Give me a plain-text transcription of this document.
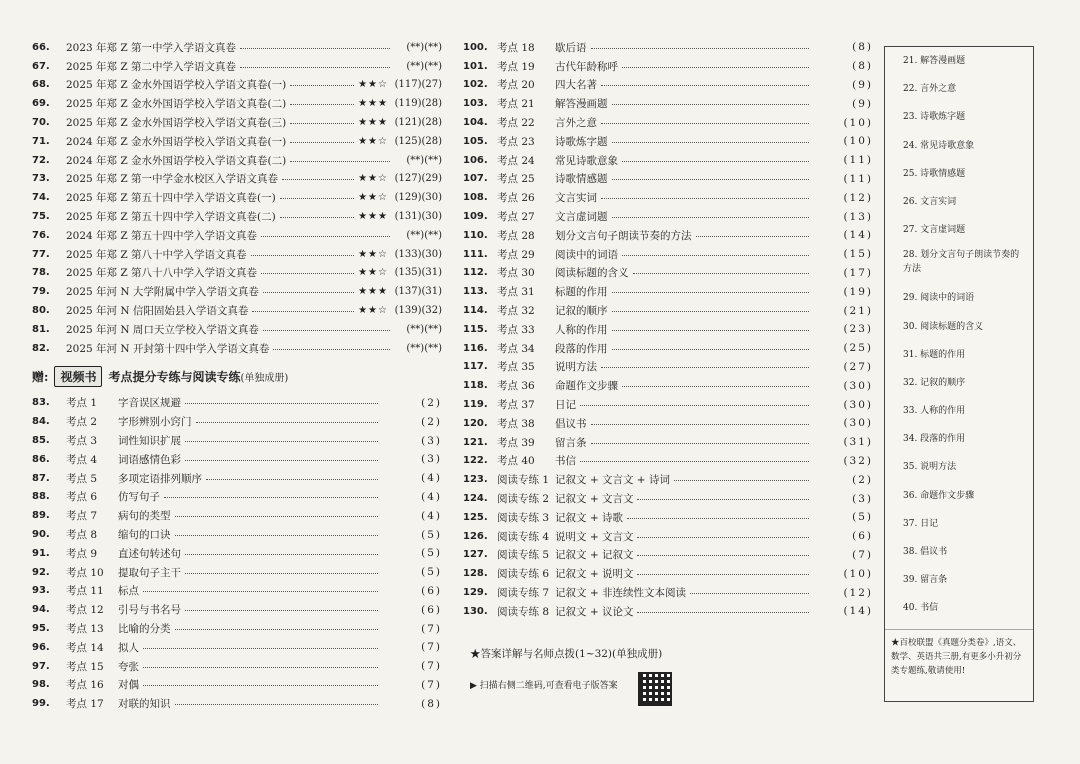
66.	2023 年郑 Z 第一中学入学语文真卷	(**)(**)
67.	2025 年郑 Z 第二中学入学语文真卷	(**)(**)
68.	2025 年郑 Z 金水外国语学校入学语文真卷(一)	★★☆ (117)(27)
69.	2025 年郑 Z 金水外国语学校入学语文真卷(二)	★★★ (119)(28)
70.	2025 年郑 Z 金水外国语学校入学语文真卷(三)	★★★ (121)(28)
71.	2024 年郑 Z 金水外国语学校入学语文真卷(一)	★★☆ (125)(28)
72.	2024 年郑 Z 金水外国语学校入学语文真卷(二)	(**)(**)
73.	2025 年郑 Z 第一中学金水校区入学语文真卷	★★☆ (127)(29)
74.	2025 年郑 Z 第五十四中学入学语文真卷(一)	★★☆ (129)(30)
75.	2025 年郑 Z 第五十四中学入学语文真卷(二)	★★★ (131)(30)
76.	2024 年郑 Z 第五十四中学入学语文真卷	(**)(**)
77.	2025 年郑 Z 第八十中学入学语文真卷	★★☆ (133)(30)
78.	2025 年郑 Z 第八十八中学入学语文真卷	★★☆ (135)(31)
79.	2025 年河 N 大学附属中学入学语文真卷	★★★ (137)(31)
80.	2025 年河 N 信阳固始县入学语文真卷	★★☆ (139)(32)
81.	2025 年河 N 周口天立学校入学语文真卷	(**)(**)
82.	2025 年河 N 开封第十四中学入学语文真卷	(**)(**)
赠:	视频书	考点提分专练与阅读专练 (单独成册)
83.	考点 1	字音误区规避	(2)
84.	考点 2	字形辨别小窍门	(2)
85.	考点 3	词性知识扩展	(3)
86.	考点 4	词语感情色彩	(3)
87.	考点 5	多项定语排列顺序	(4)
88.	考点 6	仿写句子	(4)
89.	考点 7	病句的类型	(4)
90.	考点 8	缩句的口诀	(5)
91.	考点 9	直述句转述句	(5)
92.	考点 10	提取句子主干	(5)
93.	考点 11	标点	(6)
94.	考点 12	引号与书名号	(6)
95.	考点 13	比喻的分类	(7)
96.	考点 14	拟人	(7)
97.	考点 15	夸张	(7)
98.	考点 16	对偶	(7)
99.	考点 17	对联的知识	(8)
100. 考点 18	歇后语	(8)
101. 考点 19	古代年龄称呼	(8)
102. 考点 20	四大名著	(9)
103. 考点 21	解答漫画题	(9)
104. 考点 22	言外之意	(10)
105. 考点 23	诗歌炼字题	(10)
106. 考点 24	常见诗歌意象	(11)
107. 考点 25	诗歌情感题	(11)
108. 考点 26	文言实词	(12)
109. 考点 27	文言虚词题	(13)
110. 考点 28	划分文言句子朗读节奏的方法	(14)
111. 考点 29	阅读中的词语	(15)
112. 考点 30	阅读标题的含义	(17)
113. 考点 31	标题的作用	(19)
114. 考点 32	记叙的顺序	(21)
115. 考点 33	人称的作用	(23)
116. 考点 34	段落的作用	(25)
117. 考点 35	说明方法	(27)
118. 考点 36	命题作文步骤	(30)
119. 考点 37	日记	(30)
120. 考点 38	倡议书	(30)
121. 考点 39	留言条	(31)
122. 考点 40	书信	(32)
123. 阅读专练 1 记叙文 + 文言文 + 诗词	(2)
124. 阅读专练 2 记叙文 + 文言文	(3)
125. 阅读专练 3 记叙文 + 诗歌	(5)
126. 阅读专练 4 说明文 + 文言文	(6)
127. 阅读专练 5 记叙文 + 记叙文	(7)
128. 阅读专练 6 记叙文 + 说明文	(10)
129. 阅读专练 7 记叙文 + 非连续性文本阅读	(12)
130. 阅读专练 8 记叙文 + 议论文	(14)
★答案详解与名师点拨(1~32)(单独成册)
▶ 扫描右侧二维码,可查看电子版答案
21. 解答漫画题
22. 言外之意
23. 诗歌炼字题
24. 常见诗歌意象
25. 诗歌情感题
26. 文言实词
27. 文言虚词题
28. 划分文言句子朗读节奏的方法
29. 阅读中的词语
30. 阅读标题的含义
31. 标题的作用
32. 记叙的顺序
33. 人称的作用
34. 段落的作用
35. 说明方法
36. 命题作文步骤
37. 日记
38. 倡议书
39. 留言条
40. 书信
★百校联盟《真题分类卷》,语文、数学、英语共三册,有更多小升初分类专题练,敬请使用!
